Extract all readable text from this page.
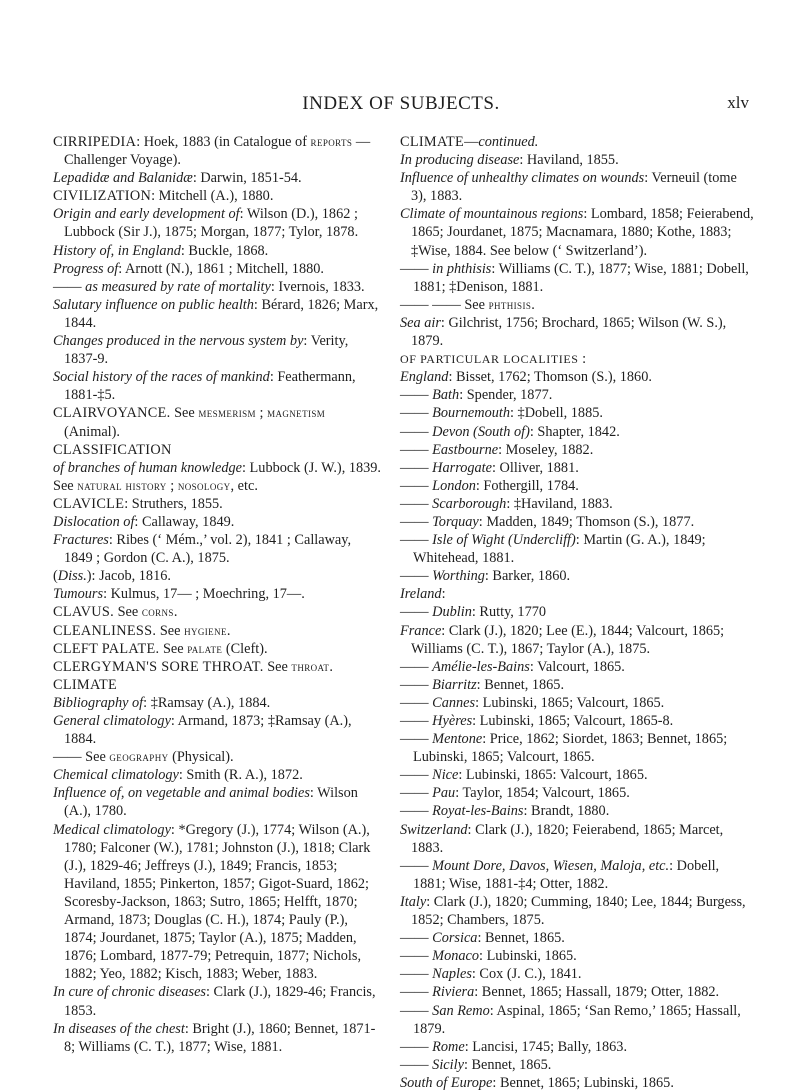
INDEX OF SUBJECTS.	xlv

CIRRIPEDIA: Hoek, 1883 (in Catalogue of reports —Challenger Voyage).

Lepadidæ and Balanidæ: Darwin, 1851-54.

CIVILIZATION: Mitchell (A.), 1880.

Origin and early development of: Wilson (D.), 1862 ; Lubbock (Sir J.), 1875; Morgan, 1877; Tylor, 1878.

History of, in England: Buckle, 1868.

Progress of: Arnott (N.), 1861 ; Mitchell, 1880.

—— as measured by rate of mortality: Ivernois, 1833.

Salutary influence on public health: Bérard, 1826; Marx, 1844.

Changes produced in the nervous system by: Verity, 1837-9.

Social history of the races of mankind: Feathermann, 1881-‡5.

CLAIRVOYANCE. See mesmerism ; magnetism (Animal).

CLASSIFICATION

of branches of human knowledge: Lubbock (J. W.), 1839.

See natural history ; nosology, etc.

CLAVICLE: Struthers, 1855.

Dislocation of: Callaway, 1849.

Fractures: Ribes (‘ Mém.,’ vol. 2), 1841 ; Callaway, 1849 ; Gordon (C. A.), 1875.

(Diss.): Jacob, 1816.

Tumours: Kulmus, 17— ; Moechring, 17—.

CLAVUS. See corns.

CLEANLINESS. See hygiene.

CLEFT PALATE. See palate (Cleft).

CLERGYMAN'S SORE THROAT. See throat.

CLIMATE

Bibliography of: ‡Ramsay (A.), 1884.

General climatology: Armand, 1873; ‡Ramsay (A.), 1884.

—— See geography (Physical).

Chemical climatology: Smith (R. A.), 1872.

Influence of, on vegetable and animal bodies: Wilson (A.), 1780.

Medical climatology: *Gregory (J.), 1774; Wilson (A.), 1780; Falconer (W.), 1781; Johnston (J.), 1818; Clark (J.), 1829-46; Jeffreys (J.), 1849; Francis, 1853; Haviland, 1855; Pinkerton, 1857; Gigot-Suard, 1862; Scoresby-Jackson, 1863; Sutro, 1865; Helfft, 1870; Armand, 1873; Douglas (C. H.), 1874; Pauly (P.), 1874; Jourdanet, 1875; Taylor (A.), 1875; Madden, 1876; Lombard, 1877-79; Petrequin, 1877; Nichols, 1882; Yeo, 1882; Kisch, 1883; Weber, 1883.

In cure of chronic diseases: Clark (J.), 1829-46; Francis, 1853.

In diseases of the chest: Bright (J.), 1860; Bennet, 1871-8; Williams (C. T.), 1877; Wise, 1881.

CLIMATE—continued.

In producing disease: Haviland, 1855.

Influence of unhealthy climates on wounds: Verneuil (tome 3), 1883.

Climate of mountainous regions: Lombard, 1858; Feierabend, 1865; Jourdanet, 1875; Macnamara, 1880; Kothe, 1883; ‡Wise, 1884. See below (‘ Switzerland’).

—— in phthisis: Williams (C. T.), 1877; Wise, 1881; Dobell, 1881; ‡Denison, 1881.

—— —— See phthisis.

Sea air: Gilchrist, 1756; Brochard, 1865; Wilson (W. S.), 1879.

OF PARTICULAR LOCALITIES :

England: Bisset, 1762; Thomson (S.), 1860.

—— Bath: Spender, 1877.

—— Bournemouth: ‡Dobell, 1885.

—— Devon (South of): Shapter, 1842.

—— Eastbourne: Moseley, 1882.

—— Harrogate: Olliver, 1881.

—— London: Fothergill, 1784.

—— Scarborough: ‡Haviland, 1883.

—— Torquay: Madden, 1849; Thomson (S.), 1877.

—— Isle of Wight (Undercliff): Martin (G. A.), 1849; Whitehead, 1881.

—— Worthing: Barker, 1860.

Ireland:

—— Dublin: Rutty, 1770

France: Clark (J.), 1820; Lee (E.), 1844; Valcourt, 1865; Williams (C. T.), 1867; Taylor (A.), 1875.

—— Amélie-les-Bains: Valcourt, 1865.

—— Biarritz: Bennet, 1865.

—— Cannes: Lubinski, 1865; Valcourt, 1865.

—— Hyères: Lubinski, 1865; Valcourt, 1865-8.

—— Mentone: Price, 1862; Siordet, 1863; Bennet, 1865; Lubinski, 1865; Valcourt, 1865.

—— Nice: Lubinski, 1865: Valcourt, 1865.

—— Pau: Taylor, 1854; Valcourt, 1865.

—— Royat-les-Bains: Brandt, 1880.

Switzerland: Clark (J.), 1820; Feierabend, 1865; Marcet, 1883.

—— Mount Dore, Davos, Wiesen, Maloja, etc.: Dobell, 1881; Wise, 1881-‡4; Otter, 1882.

Italy: Clark (J.), 1820; Cumming, 1840; Lee, 1844; Burgess, 1852; Chambers, 1875.

—— Corsica: Bennet, 1865.

—— Monaco: Lubinski, 1865.

—— Naples: Cox (J. C.), 1841.

—— Riviera: Bennet, 1865; Hassall, 1879; Otter, 1882.

—— San Remo: Aspinal, 1865; ‘San Remo,’ 1865; Hassall, 1879.

—— Rome: Lancisi, 1745; Bally, 1863.

—— Sicily: Bennet, 1865.

South of Europe: Bennet, 1865; Lubinski, 1865.
